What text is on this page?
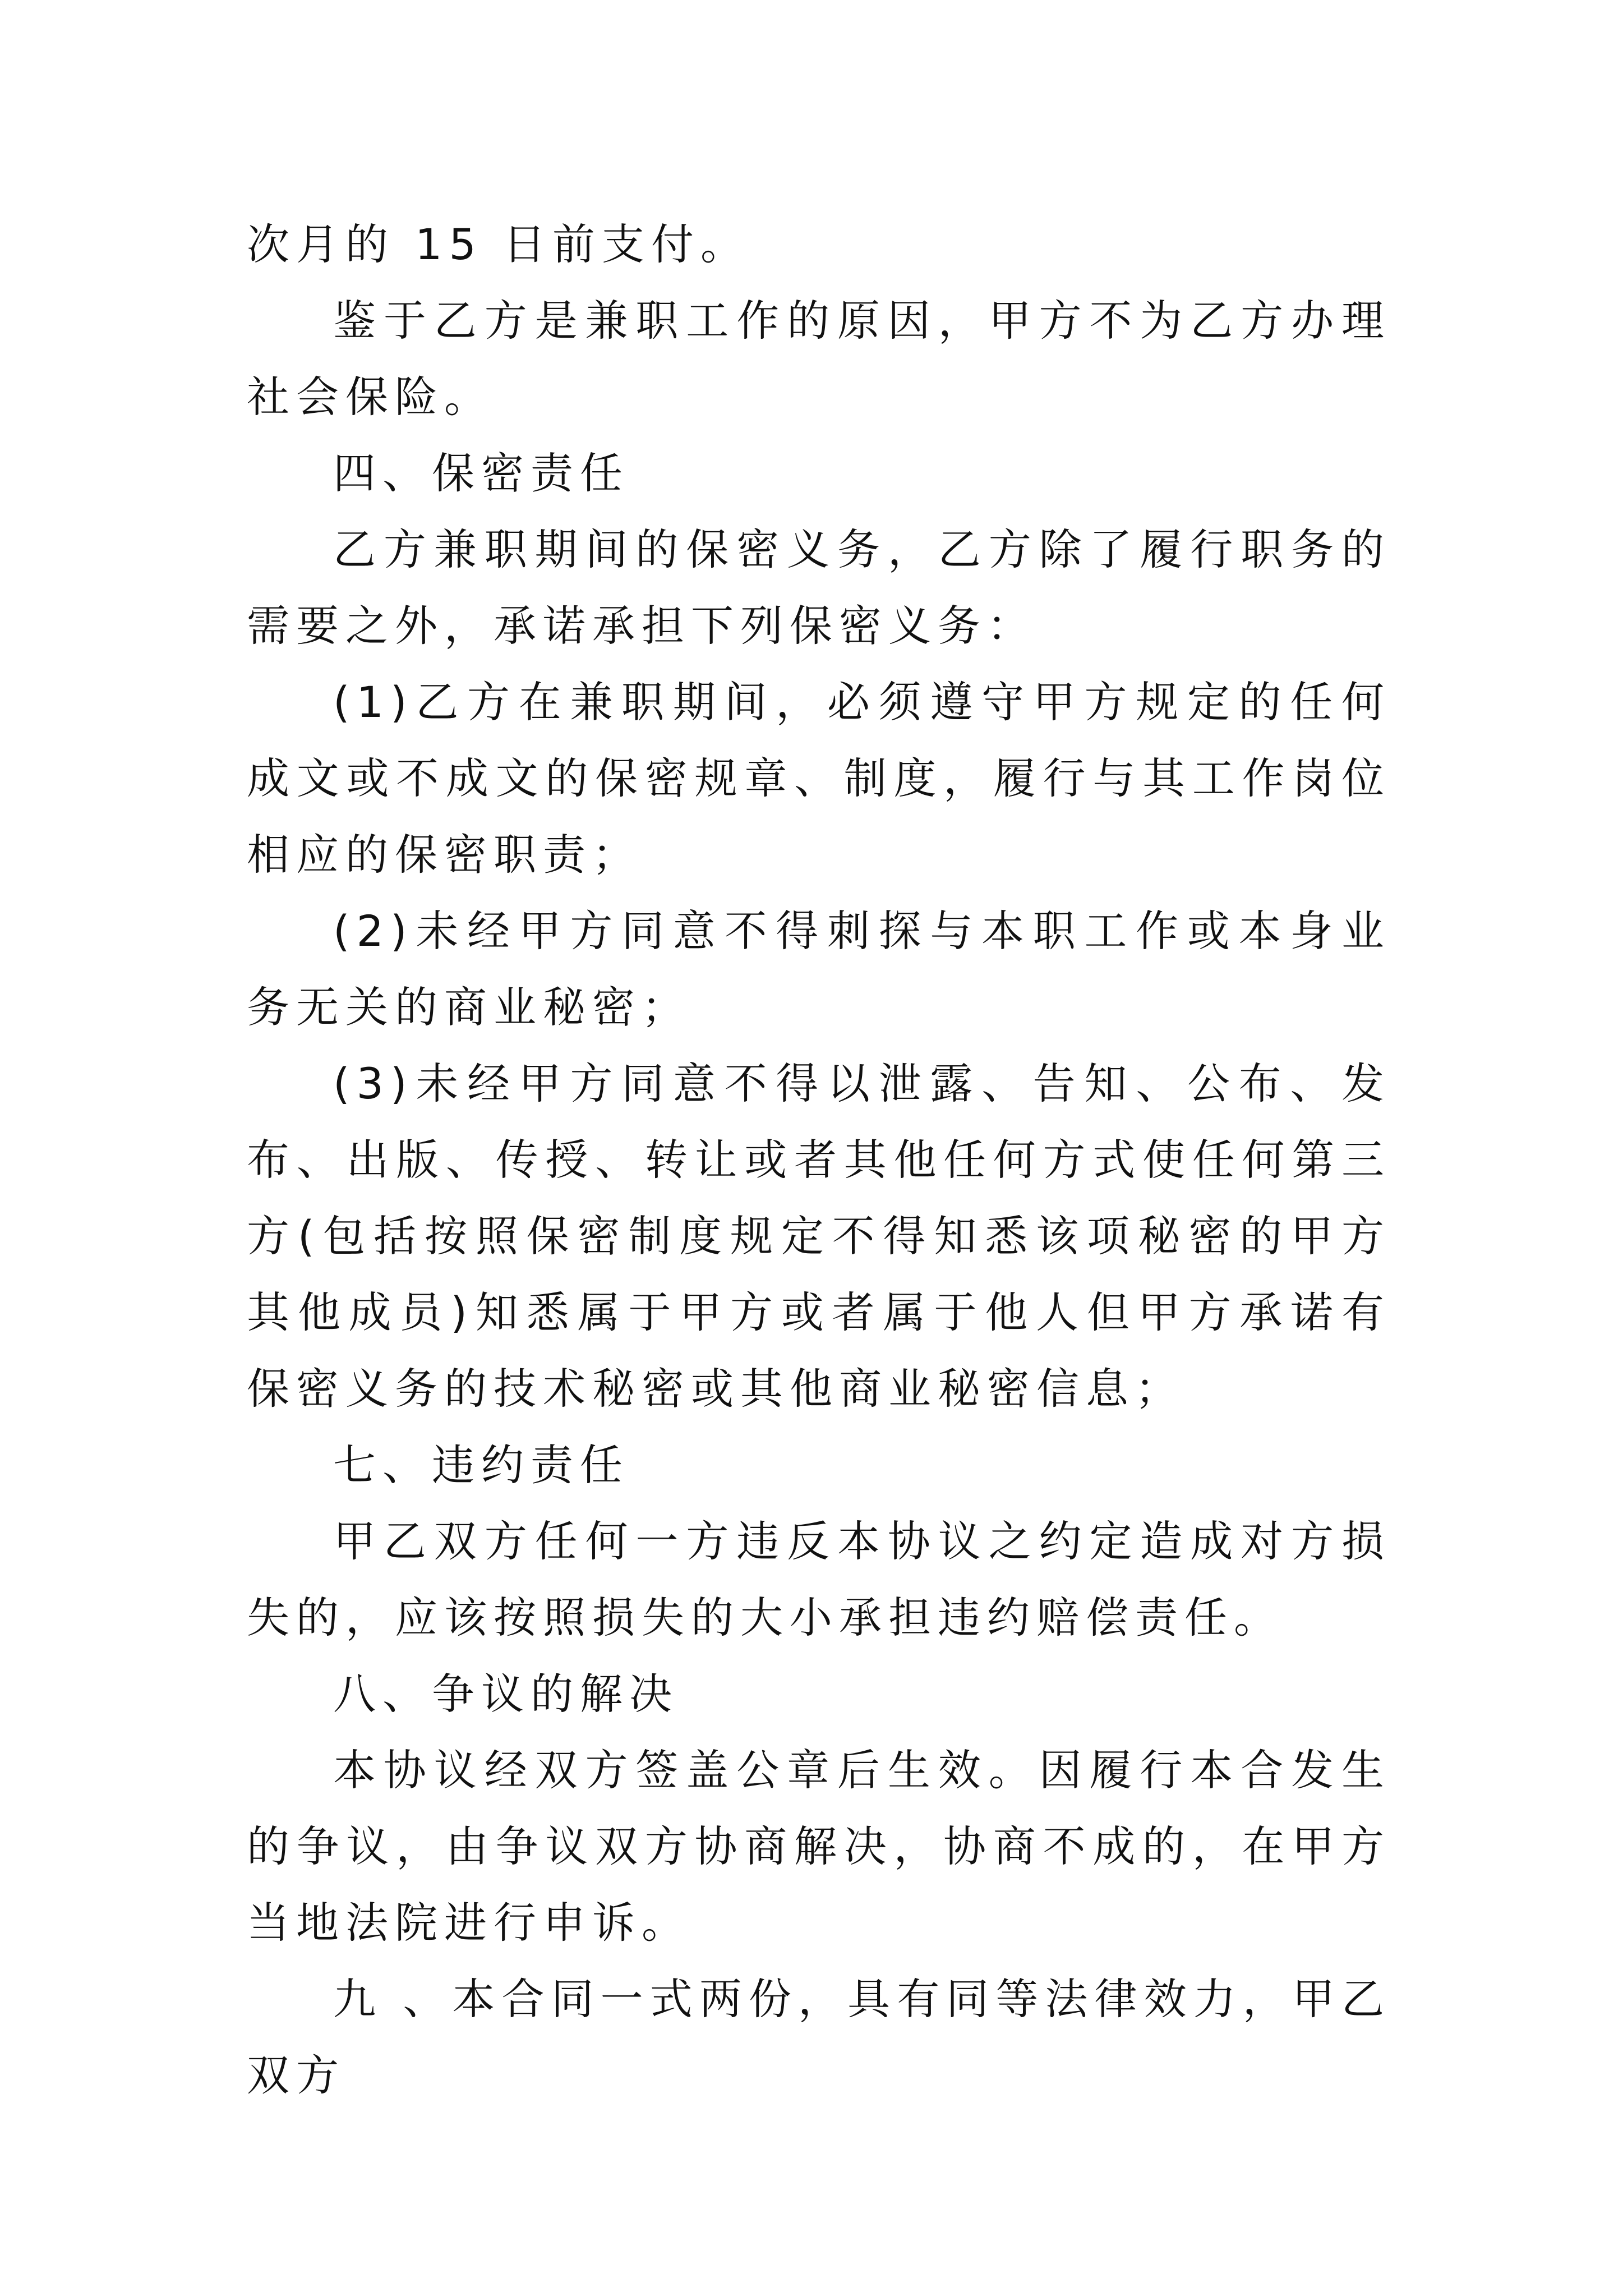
次月的 15 日前支付。

鉴于乙方是兼职工作的原因，甲方不为乙方办理社会保险。

四、保密责任

乙方兼职期间的保密义务，乙方除了履行职务的需要之外，承诺承担下列保密义务：

(1)乙方在兼职期间，必须遵守甲方规定的任何成文或不成文的保密规章、制度，履行与其工作岗位相应的保密职责；

(2)未经甲方同意不得刺探与本职工作或本身业务无关的商业秘密；

(3)未经甲方同意不得以泄露、告知、公布、发布、出版、传授、转让或者其他任何方式使任何第三方(包括按照保密制度规定不得知悉该项秘密的甲方其他成员)知悉属于甲方或者属于他人但甲方承诺有保密义务的技术秘密或其他商业秘密信息；

七、违约责任

甲乙双方任何一方违反本协议之约定造成对方损失的，应该按照损失的大小承担违约赔偿责任。

八、争议的解决

本协议经双方签盖公章后生效。因履行本合发生的争议，由争议双方协商解决，协商不成的，在甲方当地法院进行申诉。

九 、本合同一式两份，具有同等法律效力，甲乙双方
